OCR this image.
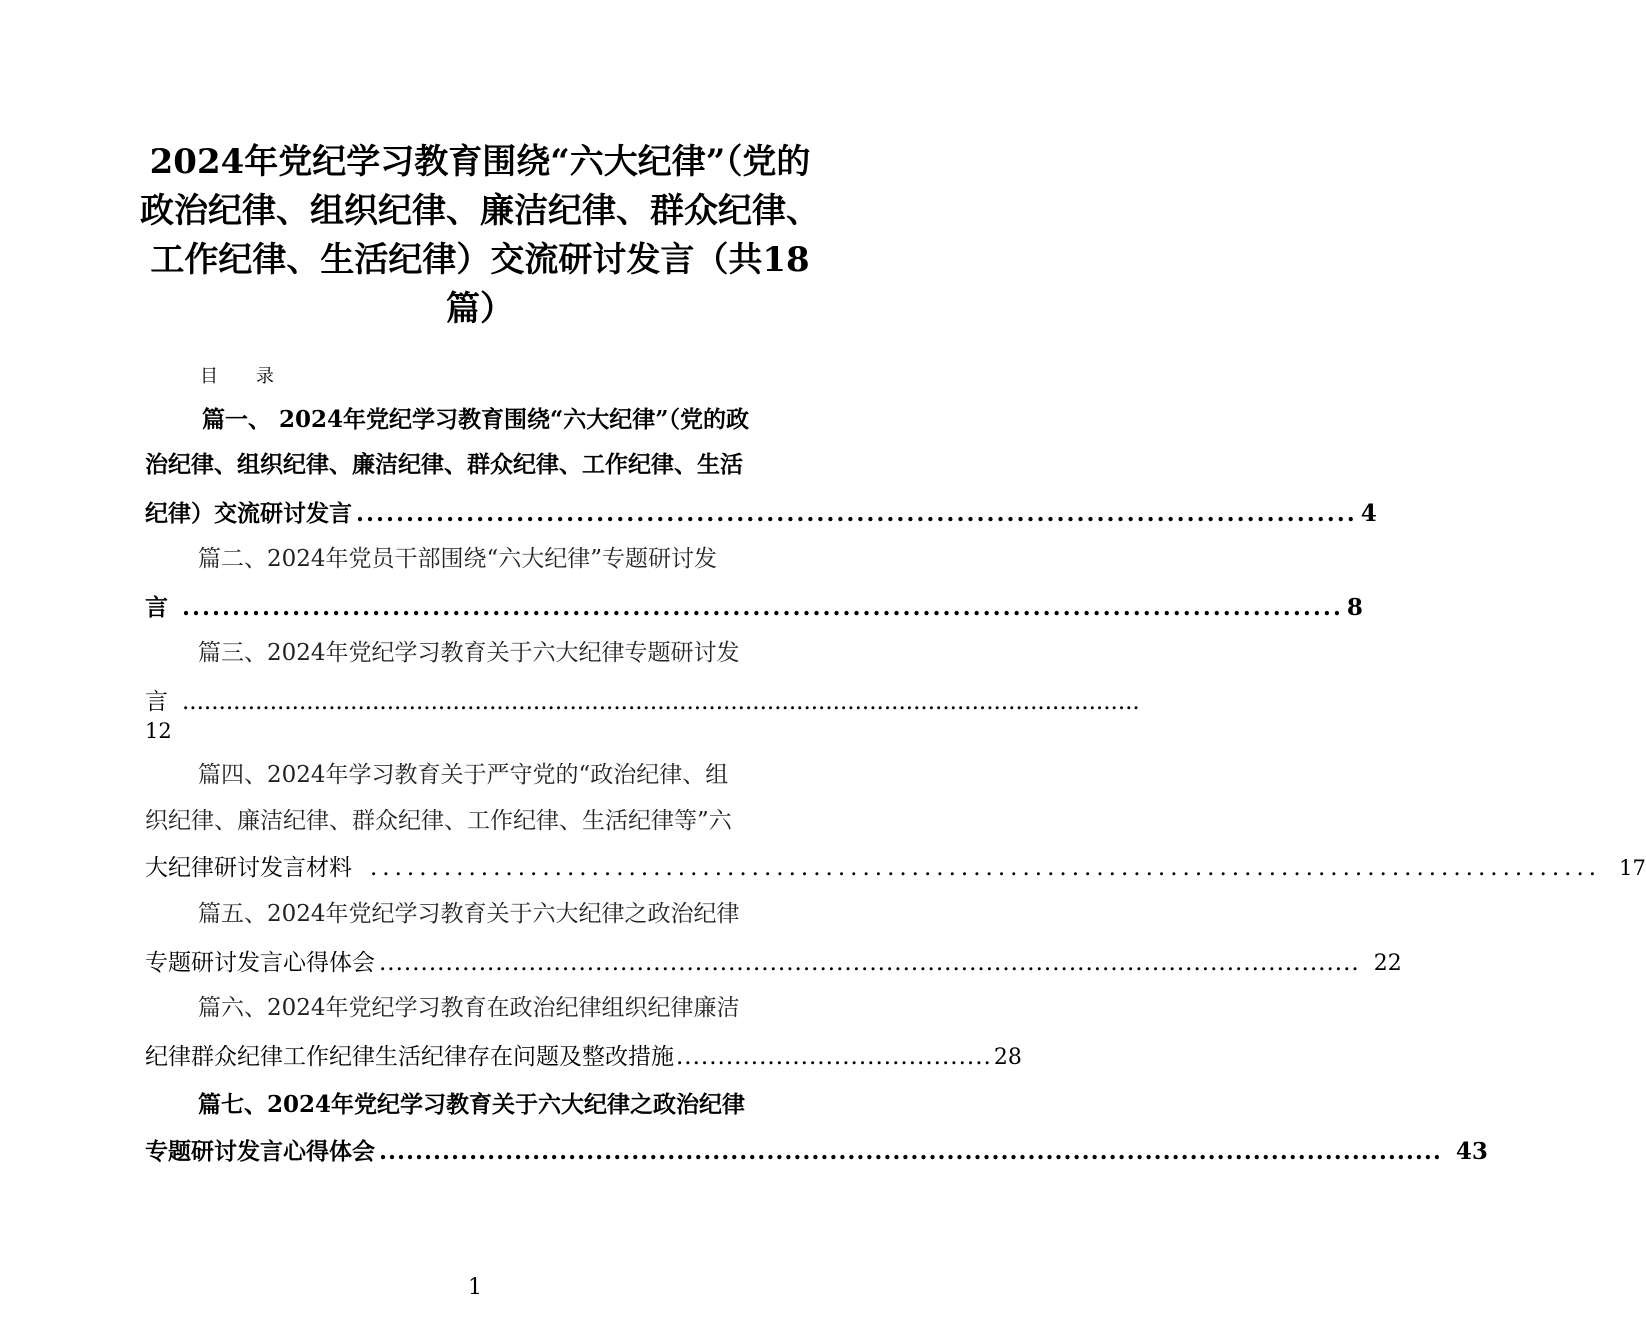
2024年党纪学习教育围绕“六大纪律”（党的
政治纪律、组织纪律、廉洁纪律、群众纪律、
工作纪律、生活纪律）交流研讨发言（共18
篇）
目 录
篇一、 2024年党纪学习教育围绕“六大纪律”（党的政
治纪律、组织纪律、廉洁纪律、群众纪律、工作纪律、生活
纪律）交流研讨发言 .................................................................................................... 4
篇二、2024年党员干部围绕“六大纪律”专题研讨发
言 .................................................................................................................... 8
篇三、2024年党纪学习教育关于六大纪律专题研讨发
言 ...................................................................................................................................
12
篇四、2024年学习教育关于严守党的“政治纪律、组
织纪律、廉洁纪律、群众纪律、工作纪律、生活纪律等”六
大纪律研讨发言材料 .................................................................................................... 17
篇五、2024年党纪学习教育关于六大纪律之政治纪律
专题研讨发言心得体会 ...................................................................................................................... 22
篇六、2024年党纪学习教育在政治纪律组织纪律廉洁
纪律群众纪律工作纪律生活纪律存在问题及整改措施 ...................................... 28
篇七、2024年党纪学习教育关于六大纪律之政治纪律
专题研讨发言心得体会 ...................................................................................................................... 43
1
